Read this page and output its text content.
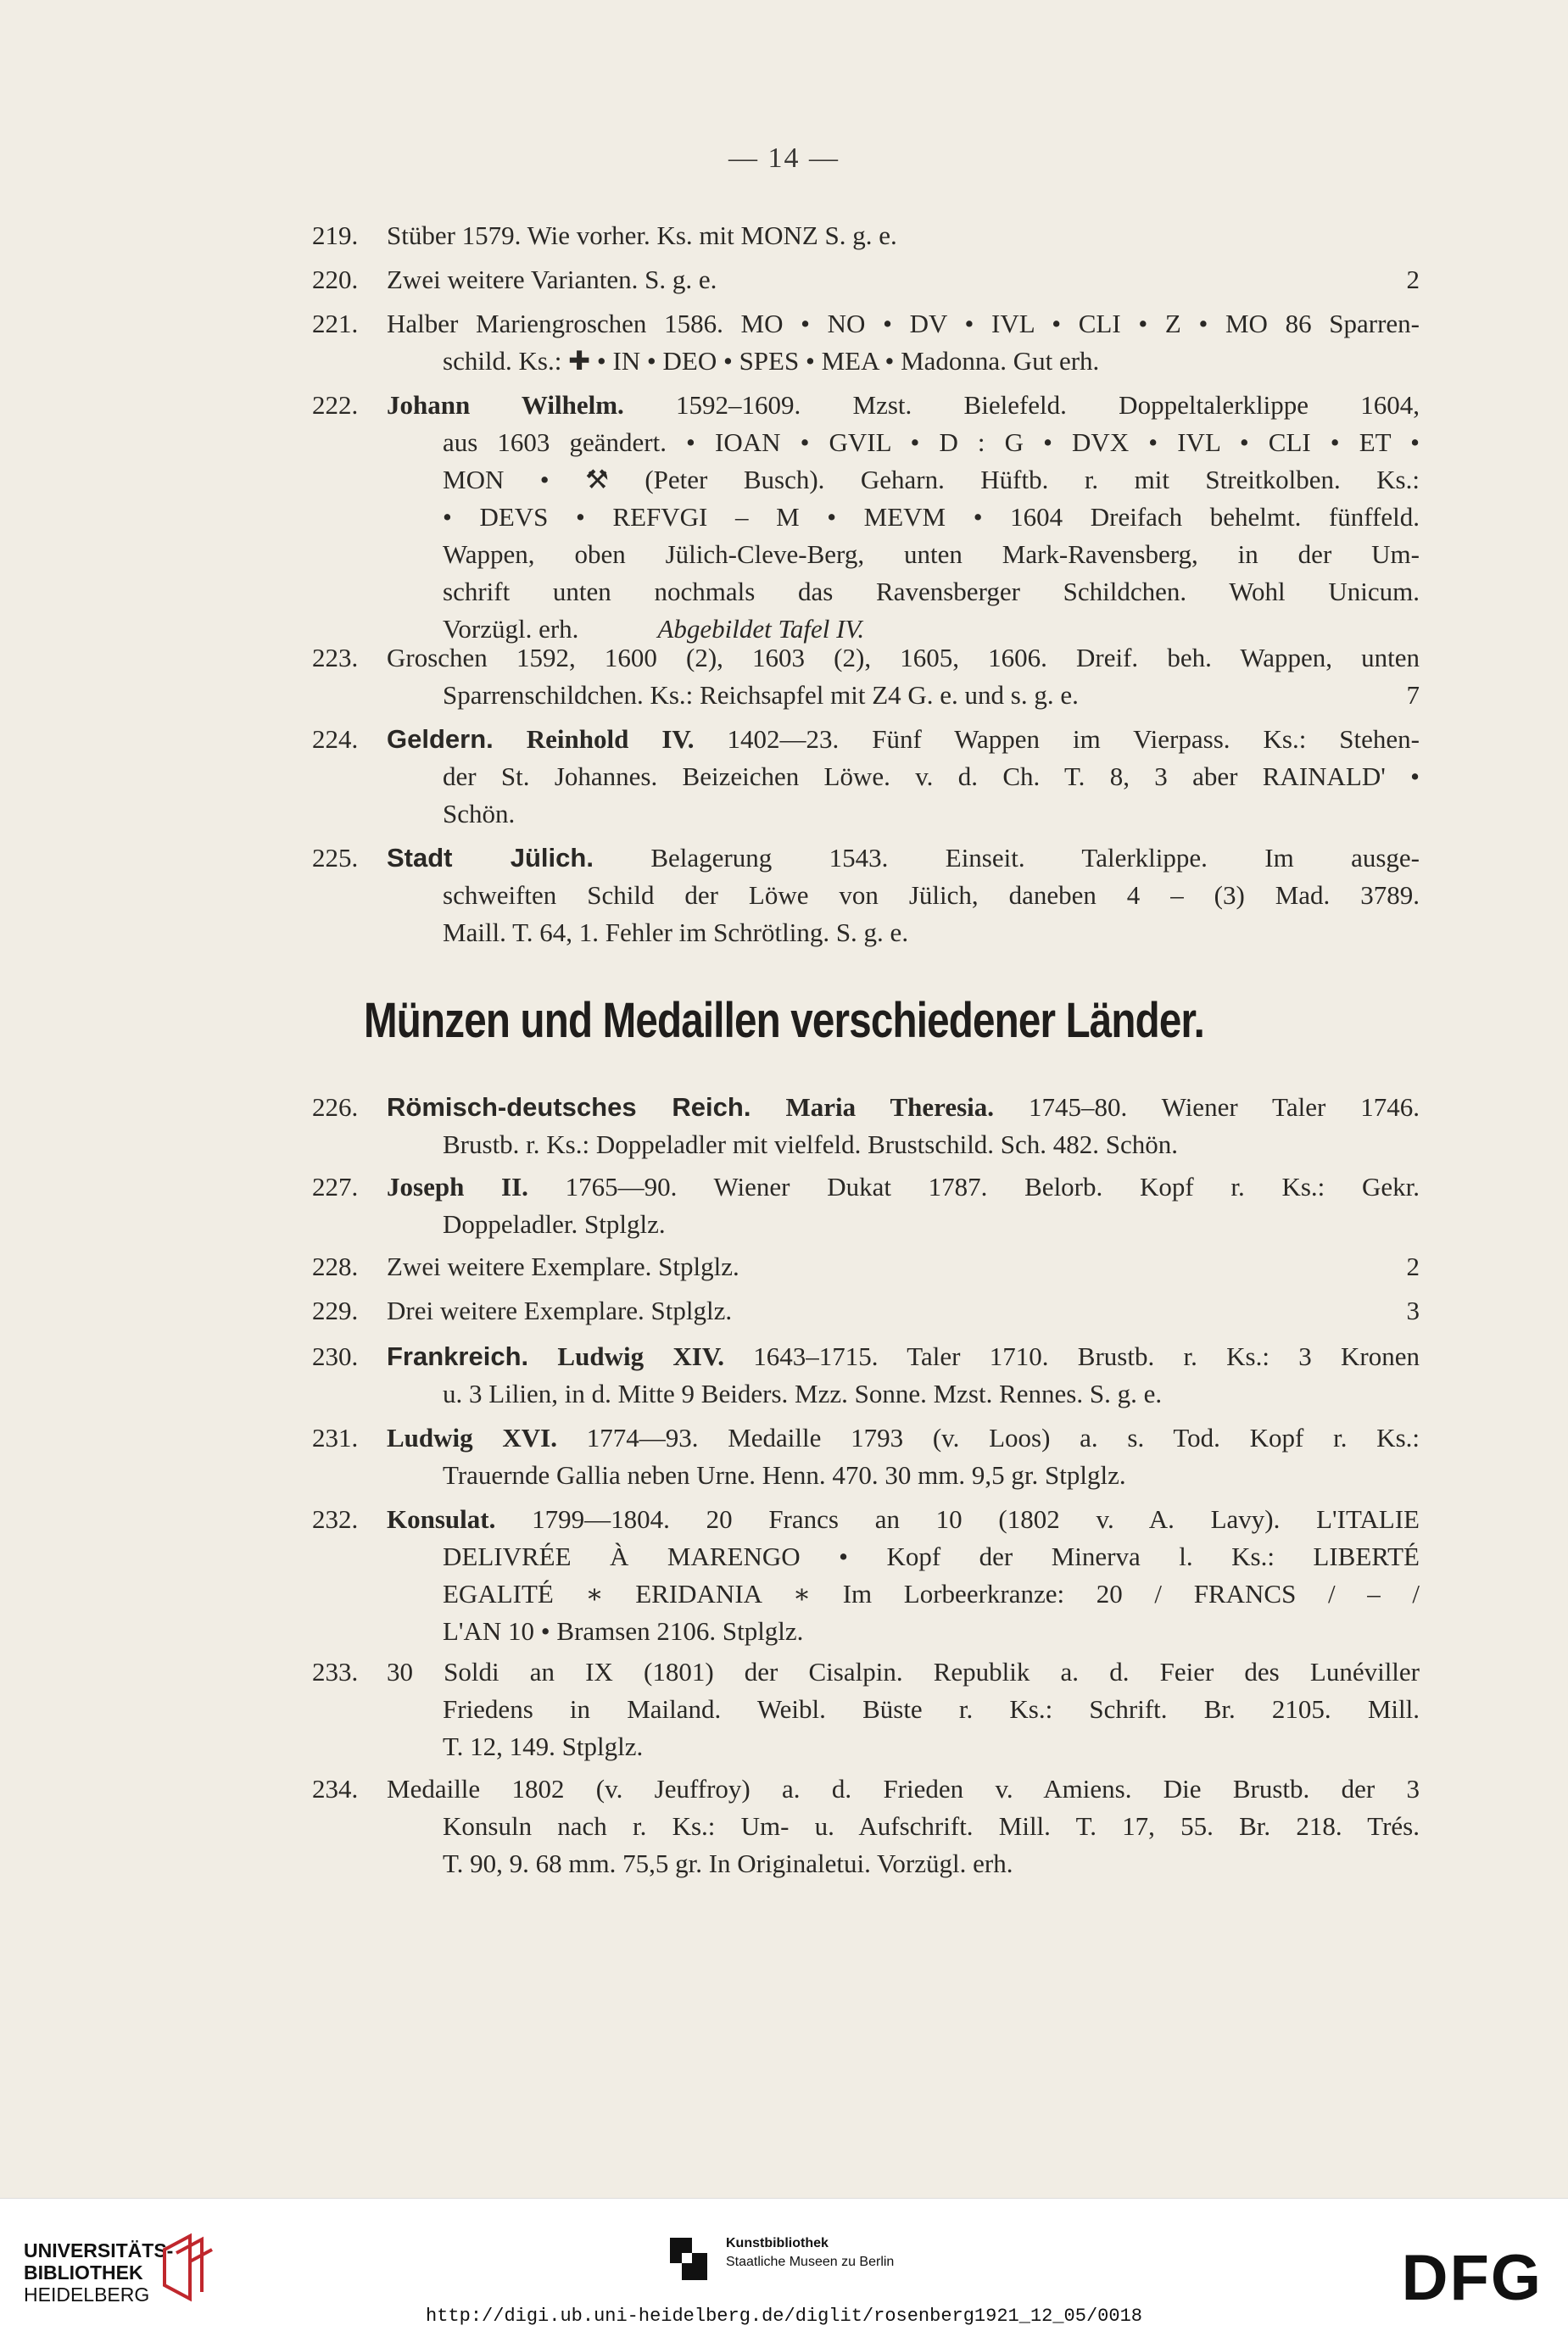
— 14 —
219.	Stüber 1579. Wie vorher. Ks. mit MONZ S. g. e.
220.	Zwei weitere Varianten. S. g. e.	2
221.	Halber Mariengroschen 1586. MO • NO • DV • IVL • CLI • Z • MO 86 Sparren-
schild. Ks.: ✚ • IN • DEO • SPES • MEA • Madonna. Gut erh.
222.	Johann Wilhelm. 1592–1609. Mzst. Bielefeld. Doppeltalerklippe 1604,
aus 1603 geändert. • IOAN • GVIL • D : G • DVX • IVL • CLI • ET •
MON • ⚒ (Peter Busch). Geharn. Hüftb. r. mit Streitkolben. Ks.:
• DEVS • REFVGI – M • MEVM • 1604 Dreifach behelmt. fünffeld.
Wappen, oben Jülich-Cleve-Berg, unten Mark-Ravensberg, in der Um-
schrift unten nochmals das Ravensberger Schildchen. Wohl Unicum.
Vorzügl. erh.	Abgebildet Tafel IV.
223.	Groschen 1592, 1600 (2), 1603 (2), 1605, 1606. Dreif. beh. Wappen, unten
Sparrenschildchen. Ks.: Reichsapfel mit Z4 G. e. und s. g. e.	7
224.	Geldern. Reinhold IV. 1402—23. Fünf Wappen im Vierpass. Ks.: Stehen-
der St. Johannes. Beizeichen Löwe. v. d. Ch. T. 8, 3 aber RAINALD' •
Schön.
225.	Stadt Jülich. Belagerung 1543. Einseit. Talerklippe. Im ausge-
schweiften Schild der Löwe von Jülich, daneben 4 – (3) Mad. 3789.
Maill. T. 64, 1. Fehler im Schrötling. S. g. e.
Münzen und Medaillen verschiedener Länder.
226.	Römisch-deutsches Reich. Maria Theresia. 1745–80. Wiener Taler 1746.
Brustb. r. Ks.: Doppeladler mit vielfeld. Brustschild. Sch. 482. Schön.
227.	Joseph II. 1765—90. Wiener Dukat 1787. Belorb. Kopf r. Ks.: Gekr.
Doppeladler. Stplglz.
228.	Zwei weitere Exemplare. Stplglz.	2
229.	Drei weitere Exemplare. Stplglz.	3
230.	Frankreich. Ludwig XIV. 1643–1715. Taler 1710. Brustb. r. Ks.: 3 Kronen
u. 3 Lilien, in d. Mitte 9 Beiders. Mzz. Sonne. Mzst. Rennes. S. g. e.
231.	Ludwig XVI. 1774—93. Medaille 1793 (v. Loos) a. s. Tod. Kopf r. Ks.:
Trauernde Gallia neben Urne. Henn. 470. 30 mm. 9,5 gr. Stplglz.
232.	Konsulat. 1799—1804. 20 Francs an 10 (1802 v. A. Lavy). L'ITALIE
DELIVRÉE À MARENGO • Kopf der Minerva l. Ks.: LIBERTÉ
EGALITÉ ∗ ERIDANIA ∗ Im Lorbeerkranze: 20 / FRANCS / – /
L'AN 10 • Bramsen 2106. Stplglz.
233.	30 Soldi an IX (1801) der Cisalpin. Republik a. d. Feier des Lunéviller
Friedens in Mailand. Weibl. Büste r. Ks.: Schrift. Br. 2105. Mill.
T. 12, 149. Stplglz.
234.	Medaille 1802 (v. Jeuffroy) a. d. Frieden v. Amiens. Die Brustb. der 3
Konsuln nach r. Ks.: Um- u. Aufschrift. Mill. T. 17, 55. Br. 218. Trés.
T. 90, 9. 68 mm. 75,5 gr. In Originaletui. Vorzügl. erh.
UNIVERSITÄTS-
BIBLIOTHEK
HEIDELBERG
Kunstbibliothek
Staatliche Museen zu Berlin	DFG
http://digi.ub.uni-heidelberg.de/diglit/rosenberg1921_12_05/0018
